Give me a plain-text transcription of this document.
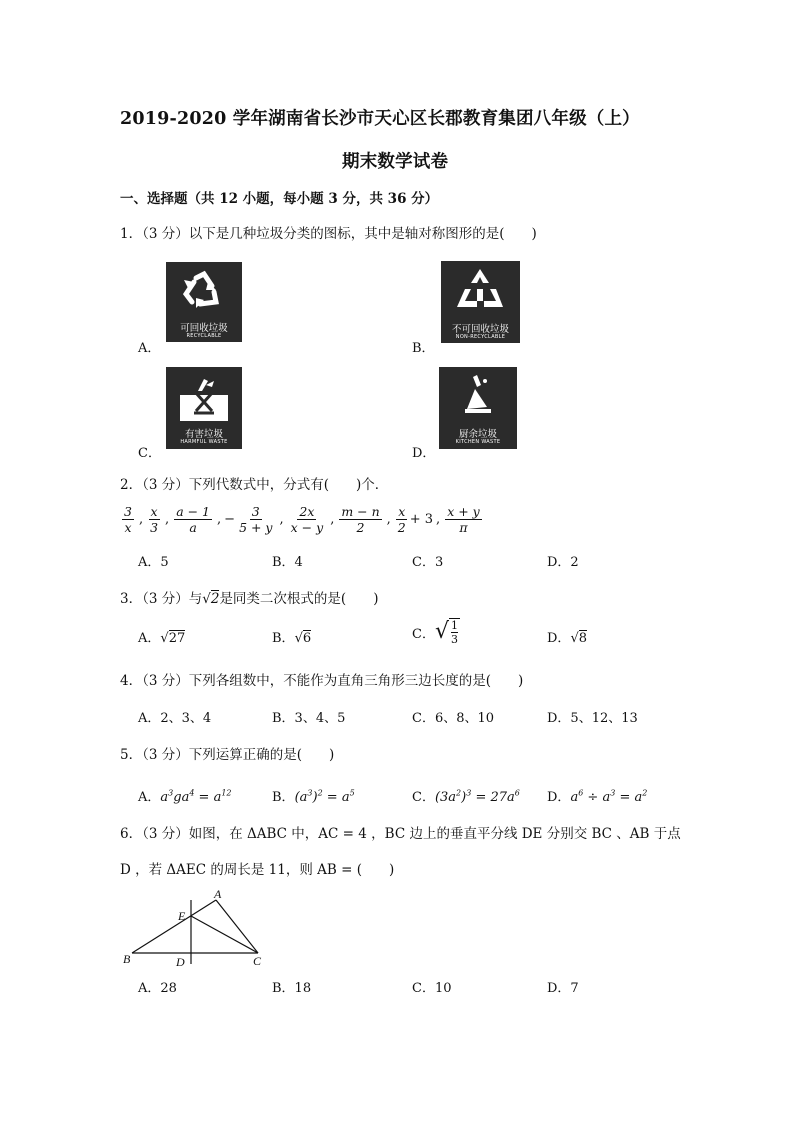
2019-2020 学年湖南省长沙市天心区长郡教育集团八年级（上）
期末数学试卷
一、选择题（共 12 小题，每小题 3 分，共 36 分）
1．（3 分）以下是几种垃圾分类的图标，其中是轴对称图形的是(　　)
A．
可回收垃圾
RECYCLABLE
B．
不可回收垃圾
NON-RECYCLABLE
C．
有害垃圾
HARMFUL WASTE
D．
厨余垃圾
KITCHEN WASTE
2．（3 分）下列代数式中，分式有(　　)个．
$\frac{3}{x}$ , $\frac{x}{3}$ , $\frac{a - 1}{a}$ , − $\frac{3}{5 + y}$ , $\frac{2x}{x - y}$ , $\frac{m - n}{2}$ , $\frac{x}{2} + 3$ , $\frac{x + y}{\pi}$
A．5	B．4	C．3	D．2
3．（3 分）与√2是同类二次根式的是(　　)
A．√27	B．√6	C． √ 1
3	D．√8
4．（3 分）下列各组数中，不能作为直角三角形三边长度的是(　　)
A．2、3、4	B．3、4、5	C．6、8、10	D．5、12、13
5．（3 分）下列运算正确的是(　　)
A．$a^3ga^4 = a^{12}$	B．$(a^3)^2 = a^5$	C．$(3a^2)^3 = 27a^6$ D．$a^6 \div a^3 = a^2$
6．（3 分）如图，在 ΔABC 中，AC = 4 ，BC 边上的垂直平分线 DE 分别交 BC 、AB 于点
D ，若 ΔAEC 的周长是 11，则 AB = (　　)
A
E
B	D	C
A．28	B．18	C．10	D．7
